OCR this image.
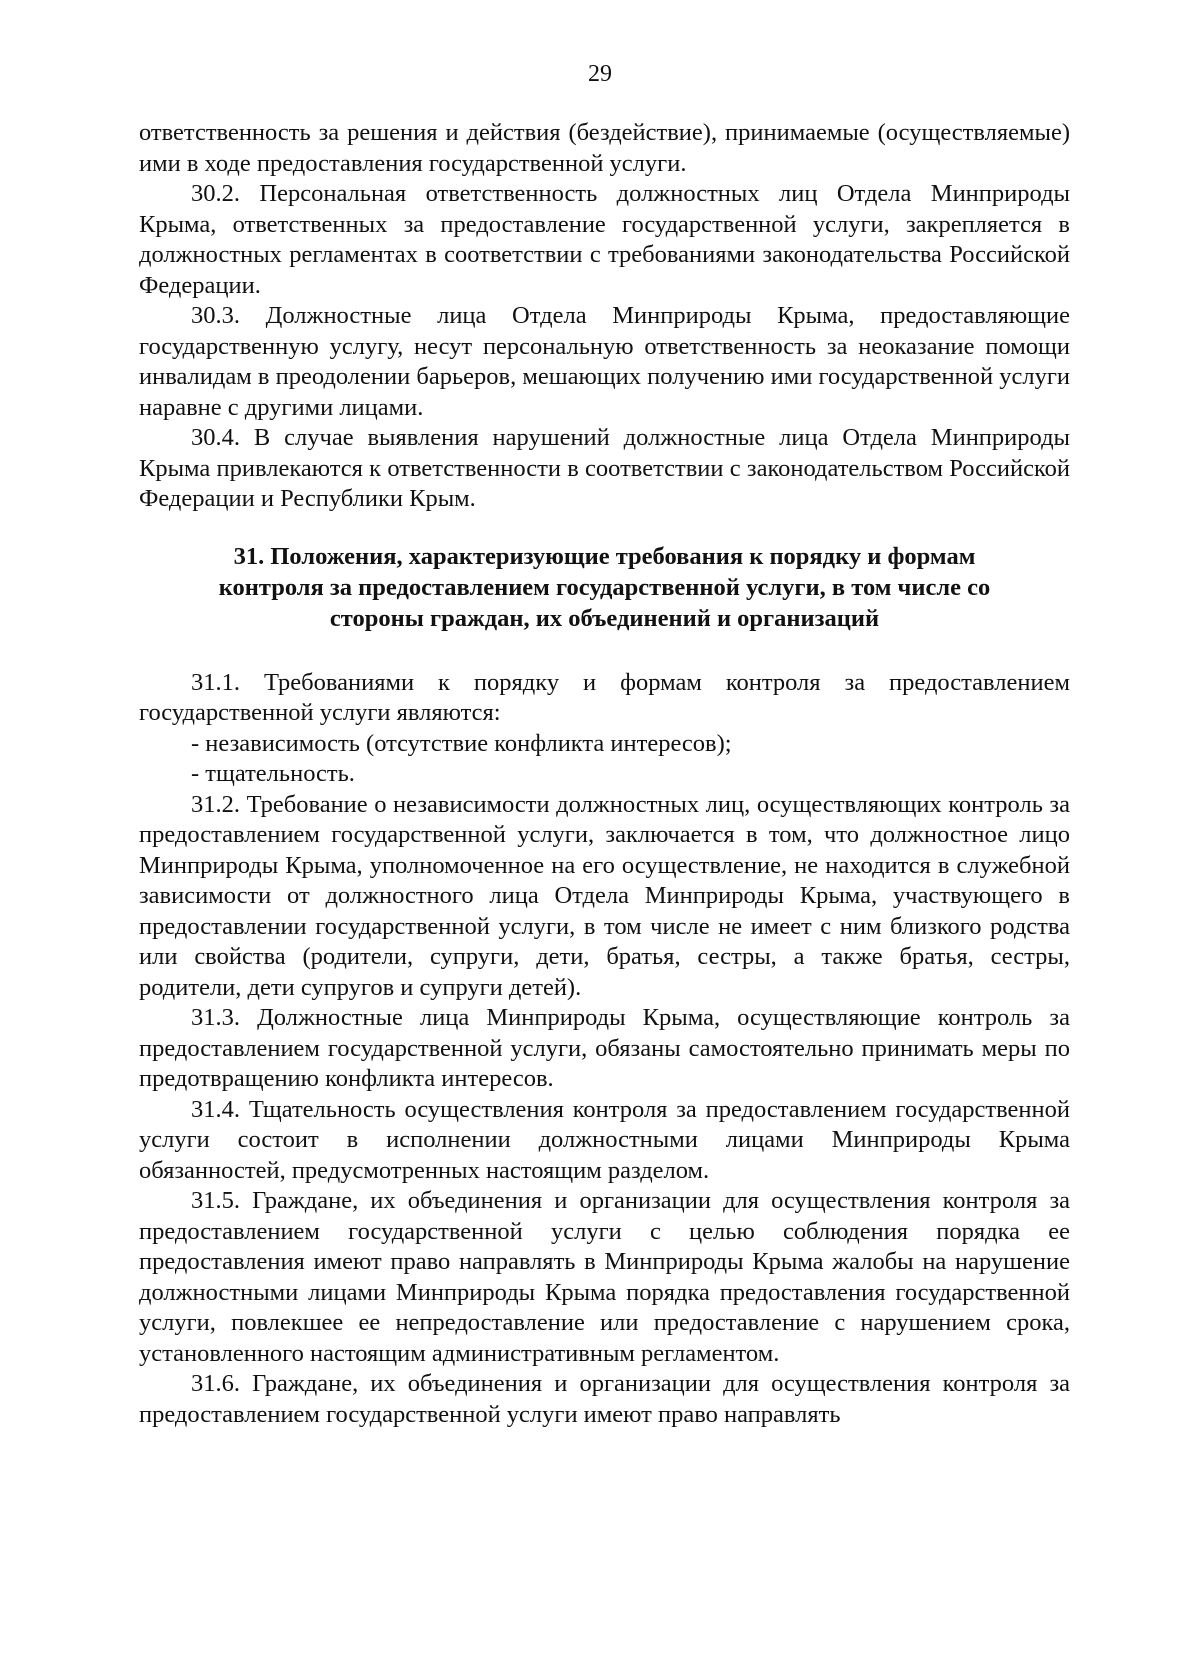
29

ответственность за решения и действия (бездействие), принимаемые (осуществляемые) ими в ходе предоставления государственной услуги.

30.2. Персональная ответственность должностных лиц Отдела Минприроды Крыма, ответственных за предоставление государственной услуги, закрепляется в должностных регламентах в соответствии с требованиями законодательства Российской Федерации.

30.3. Должностные лица Отдела Минприроды Крыма, предоставляющие государственную услугу, несут персональную ответственность за неоказание помощи инвалидам в преодолении барьеров, мешающих получению ими государственной услуги наравне с другими лицами.

30.4. В случае выявления нарушений должностные лица Отдела Минприроды Крыма привлекаются к ответственности в соответствии с законодательством Российской Федерации и Республики Крым.

31. Положения, характеризующие требования к порядку и формам
контроля за предоставлением государственной услуги, в том числе со
стороны граждан, их объединений и организаций

31.1. Требованиями к порядку и формам контроля за предоставлением государственной услуги являются:

- независимость (отсутствие конфликта интересов);

- тщательность.

31.2. Требование о независимости должностных лиц, осуществляющих контроль за предоставлением государственной услуги, заключается в том, что должностное лицо Минприроды Крыма, уполномоченное на его осуществление, не находится в служебной зависимости от должностного лица Отдела Минприроды Крыма, участвующего в предоставлении государственной услуги, в том числе не имеет с ним близкого родства или свойства (родители, супруги, дети, братья, сестры, а также братья, сестры, родители, дети супругов и супруги детей).

31.3. Должностные лица Минприроды Крыма, осуществляющие контроль за предоставлением государственной услуги, обязаны самостоятельно принимать меры по предотвращению конфликта интересов.

31.4. Тщательность осуществления контроля за предоставлением государственной услуги состоит в исполнении должностными лицами Минприроды Крыма обязанностей, предусмотренных настоящим разделом.

31.5. Граждане, их объединения и организации для осуществления контроля за предоставлением государственной услуги с целью соблюдения порядка ее предоставления имеют право направлять в Минприроды Крыма жалобы на нарушение должностными лицами Минприроды Крыма порядка предоставления государственной услуги, повлекшее ее непредоставление или предоставление с нарушением срока, установленного настоящим административным регламентом.

31.6. Граждане, их объединения и организации для осуществления контроля за предоставлением государственной услуги имеют право направлять
